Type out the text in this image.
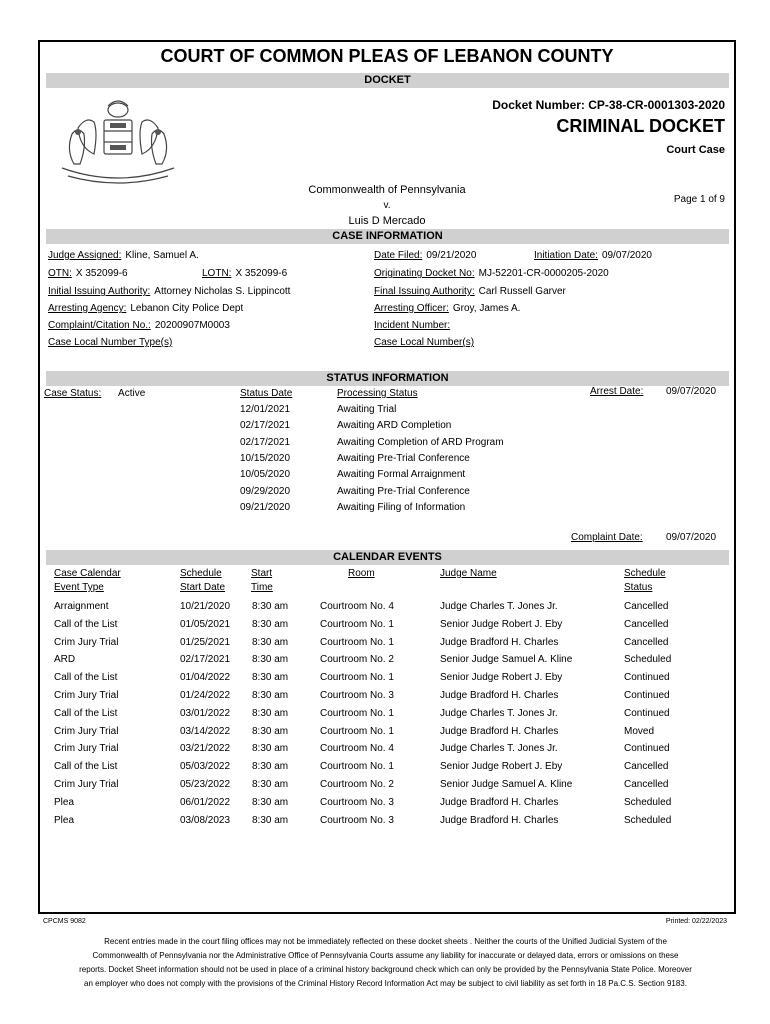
COURT OF COMMON PLEAS OF LEBANON COUNTY
DOCKET
Docket Number: CP-38-CR-0001303-2020
CRIMINAL DOCKET
Court Case
Commonwealth of Pennsylvania
v.
Luis D Mercado
Page 1 of 9
CASE INFORMATION
Judge Assigned: Kline, Samuel A.
OTN: X 352099-6	LOTN: X 352099-6
Initial Issuing Authority: Attorney Nicholas S. Lippincott
Arresting Agency: Lebanon City Police Dept
Complaint/Citation No.: 20200907M0003
Case Local Number Type(s)
Date Filed: 09/21/2020	Initiation Date: 09/07/2020
Originating Docket No: MJ-52201-CR-0000205-2020
Final Issuing Authority: Carl Russell Garver
Arresting Officer: Groy, James A.
Incident Number:
Case Local Number(s)
STATUS INFORMATION
Case Status: Active	Status Date	Processing Status	Arrest Date: 09/07/2020
12/01/2021	Awaiting Trial
02/17/2021	Awaiting ARD Completion
02/17/2021	Awaiting Completion of ARD Program
10/15/2020	Awaiting Pre-Trial Conference
10/05/2020	Awaiting Formal Arraignment
09/29/2020	Awaiting Pre-Trial Conference
09/21/2020	Awaiting Filing of Information
Complaint Date: 09/07/2020
CALENDAR EVENTS
Case Calendar
Event Type
Schedule
Start Date
Start
Time
Room	Judge Name	Schedule
Status
Arraignment	10/21/2020 8:30 am	Courtroom No. 4	Judge Charles T. Jones Jr.	Cancelled
Call of the List	01/05/2021 8:30 am	Courtroom No. 1	Senior Judge Robert J. Eby	Cancelled
Crim Jury Trial	01/25/2021 8:30 am	Courtroom No. 1	Judge Bradford H. Charles	Cancelled
ARD	02/17/2021 8:30 am	Courtroom No. 2	Senior Judge Samuel A. Kline	Scheduled
Call of the List	01/04/2022 8:30 am	Courtroom No. 1	Senior Judge Robert J. Eby	Continued
Crim Jury Trial	01/24/2022 8:30 am	Courtroom No. 3	Judge Bradford H. Charles	Continued
Call of the List	03/01/2022 8:30 am	Courtroom No. 1	Judge Charles T. Jones Jr.	Continued
Crim Jury Trial	03/14/2022 8:30 am	Courtroom No. 1	Judge Bradford H. Charles	Moved
Crim Jury Trial	03/21/2022 8:30 am	Courtroom No. 4	Judge Charles T. Jones Jr.	Continued
Call of the List	05/03/2022 8:30 am	Courtroom No. 1	Senior Judge Robert J. Eby	Cancelled
Crim Jury Trial	05/23/2022 8:30 am	Courtroom No. 2	Senior Judge Samuel A. Kline	Cancelled
Plea	06/01/2022 8:30 am	Courtroom No. 3	Judge Bradford H. Charles	Scheduled
Plea	03/08/2023 8:30 am	Courtroom No. 3	Judge Bradford H. Charles	Scheduled
CPCMS 9082	Printed: 02/22/2023
Recent entries made in the court filing offices may not be immediately reflected on these docket sheets . Neither the courts of the Unified Judicial System of the Commonwealth of Pennsylvania nor the Administrative Office of Pennsylvania Courts assume any liability for inaccurate or delayed data, errors or omissions on these reports. Docket Sheet information should not be used in place of a criminal history background check which can only be provided by the Pennsylvania State Police. Moreover an employer who does not comply with the provisions of the Criminal History Record Information Act may be subject to civil liability as set forth in 18 Pa.C.S. Section 9183.
